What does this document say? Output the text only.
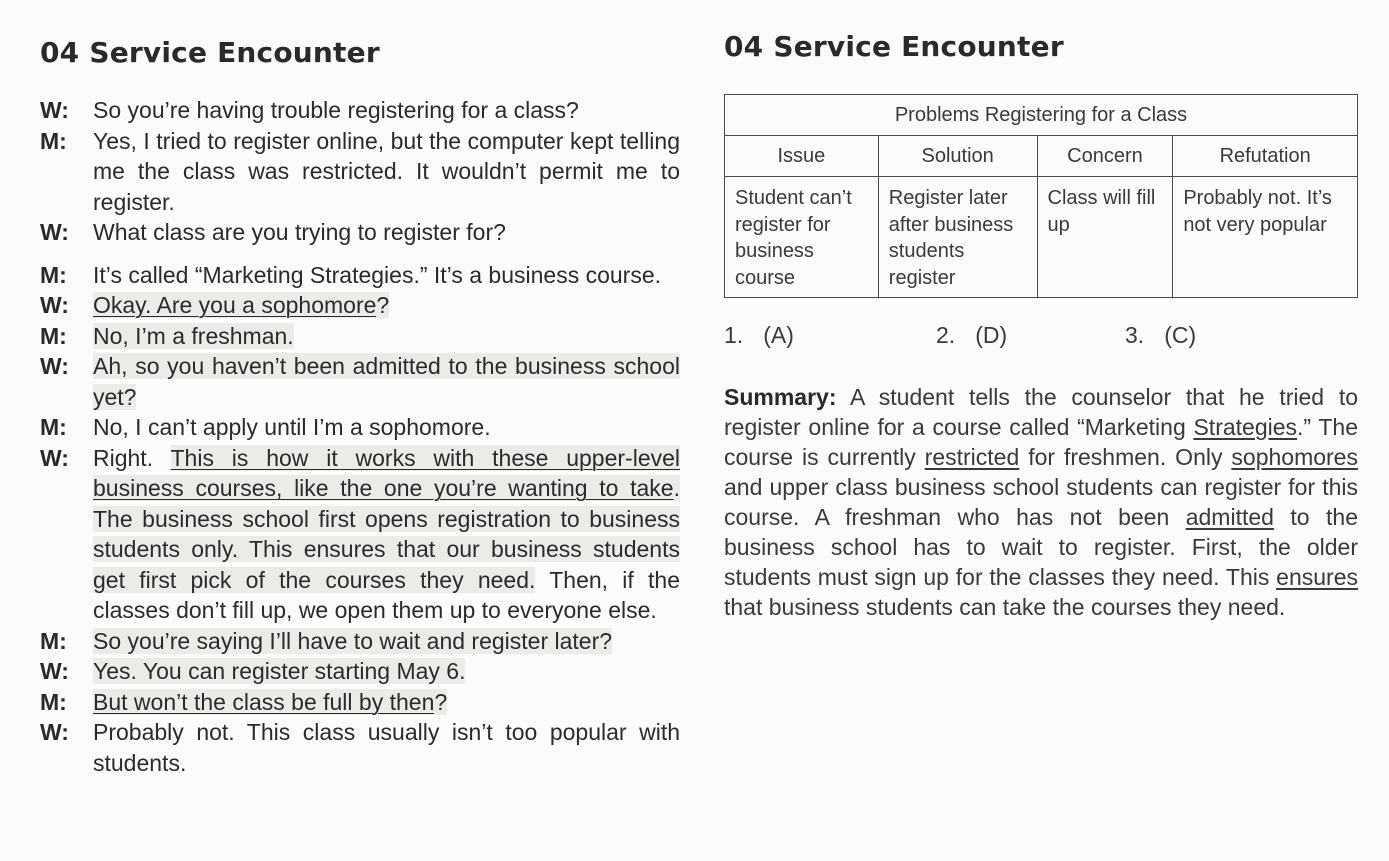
04 Service Encounter
W: So you’re having trouble registering for a class?
M: Yes, I tried to register online, but the computer kept telling me the class was restricted. It wouldn’t permit me to register.
W: What class are you trying to register for?
M: It’s called “Marketing Strategies.” It’s a business course.
W: Okay. Are you a sophomore?
M: No, I’m a freshman.
W: Ah, so you haven’t been admitted to the business school yet?
M: No, I can’t apply until I’m a sophomore.
W: Right. This is how it works with these upper-level business courses, like the one you’re wanting to take. The business school first opens registration to business students only. This ensures that our business students get first pick of the courses they need. Then, if the classes don’t fill up, we open them up to everyone else.
M: So you’re saying I’ll have to wait and register later?
W: Yes. You can register starting May 6.
M: But won’t the class be full by then?
W: Probably not. This class usually isn’t too popular with students.
04 Service Encounter
Problems Registering for a Class			
Issue	Solution	Concern	Refutation
Student can’t register for business course	Register later after business students register	Class will fill up	Probably not. It’s not very popular
1. (A)	2. (D)	3. (C)
Summary: A student tells the counselor that he tried to register online for a course called “Marketing Strategies.” The course is currently restricted for freshmen. Only sophomores and upper class business school students can register for this course. A freshman who has not been admitted to the business school has to wait to register. First, the older students must sign up for the classes they need. This ensures that business students can take the courses they need.
